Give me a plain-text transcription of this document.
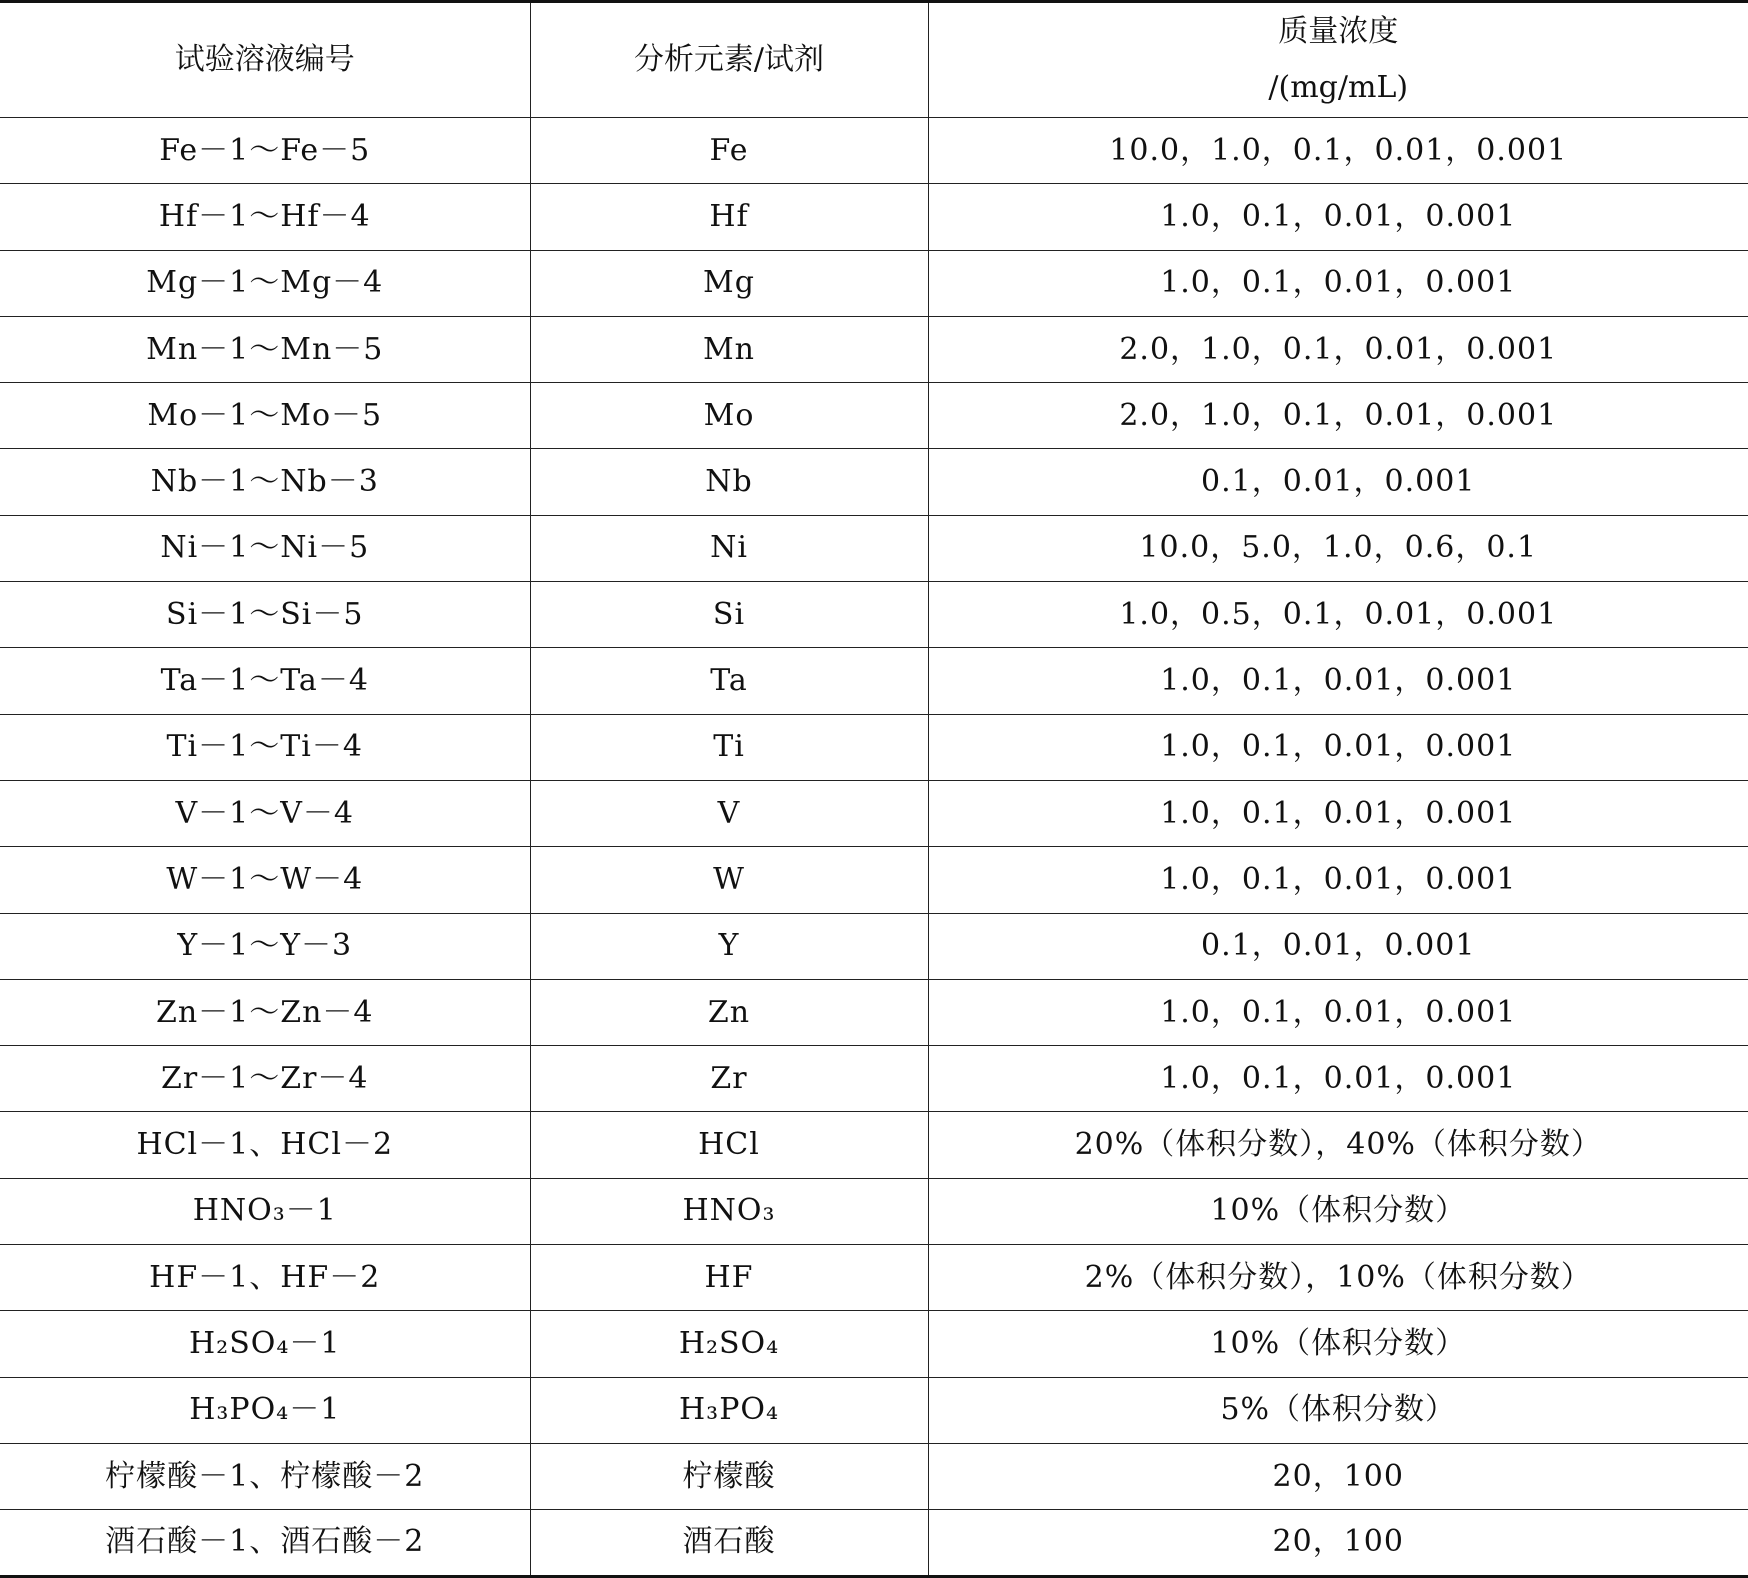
试验溶液编号	分析元素/试剂	质量浓度
/(mg/mL)

Fe－1～Fe－5	Fe	10.0，1.0，0.1，0.01，0.001
Hf－1～Hf－4	Hf	1.0，0.1，0.01，0.001
Mg－1～Mg－4	Mg	1.0，0.1，0.01，0.001
Mn－1～Mn－5	Mn	2.0，1.0，0.1，0.01，0.001
Mo－1～Mo－5	Mo	2.0，1.0，0.1，0.01，0.001
Nb－1～Nb－3	Nb	0.1，0.01，0.001
Ni－1～Ni－5	Ni	10.0，5.0，1.0，0.6，0.1
Si－1～Si－5	Si	1.0，0.5，0.1，0.01，0.001
Ta－1～Ta－4	Ta	1.0，0.1，0.01，0.001
Ti－1～Ti－4	Ti	1.0，0.1，0.01，0.001
V－1～V－4	V	1.0，0.1，0.01，0.001
W－1～W－4	W	1.0，0.1，0.01，0.001
Y－1～Y－3	Y	0.1，0.01，0.001
Zn－1～Zn－4	Zn	1.0，0.1，0.01，0.001
Zr－1～Zr－4	Zr	1.0，0.1，0.01，0.001
HCl－1、HCl－2	HCl	20%（体积分数），40%（体积分数）
HNO₃－1	HNO₃	10%（体积分数）
HF－1、HF－2	HF	2%（体积分数），10%（体积分数）
H₂SO₄－1	H₂SO₄	10%（体积分数）
H₃PO₄－1	H₃PO₄	5%（体积分数）
柠檬酸－1、柠檬酸－2	柠檬酸	20，100
酒石酸－1、酒石酸－2	酒石酸	20，100
